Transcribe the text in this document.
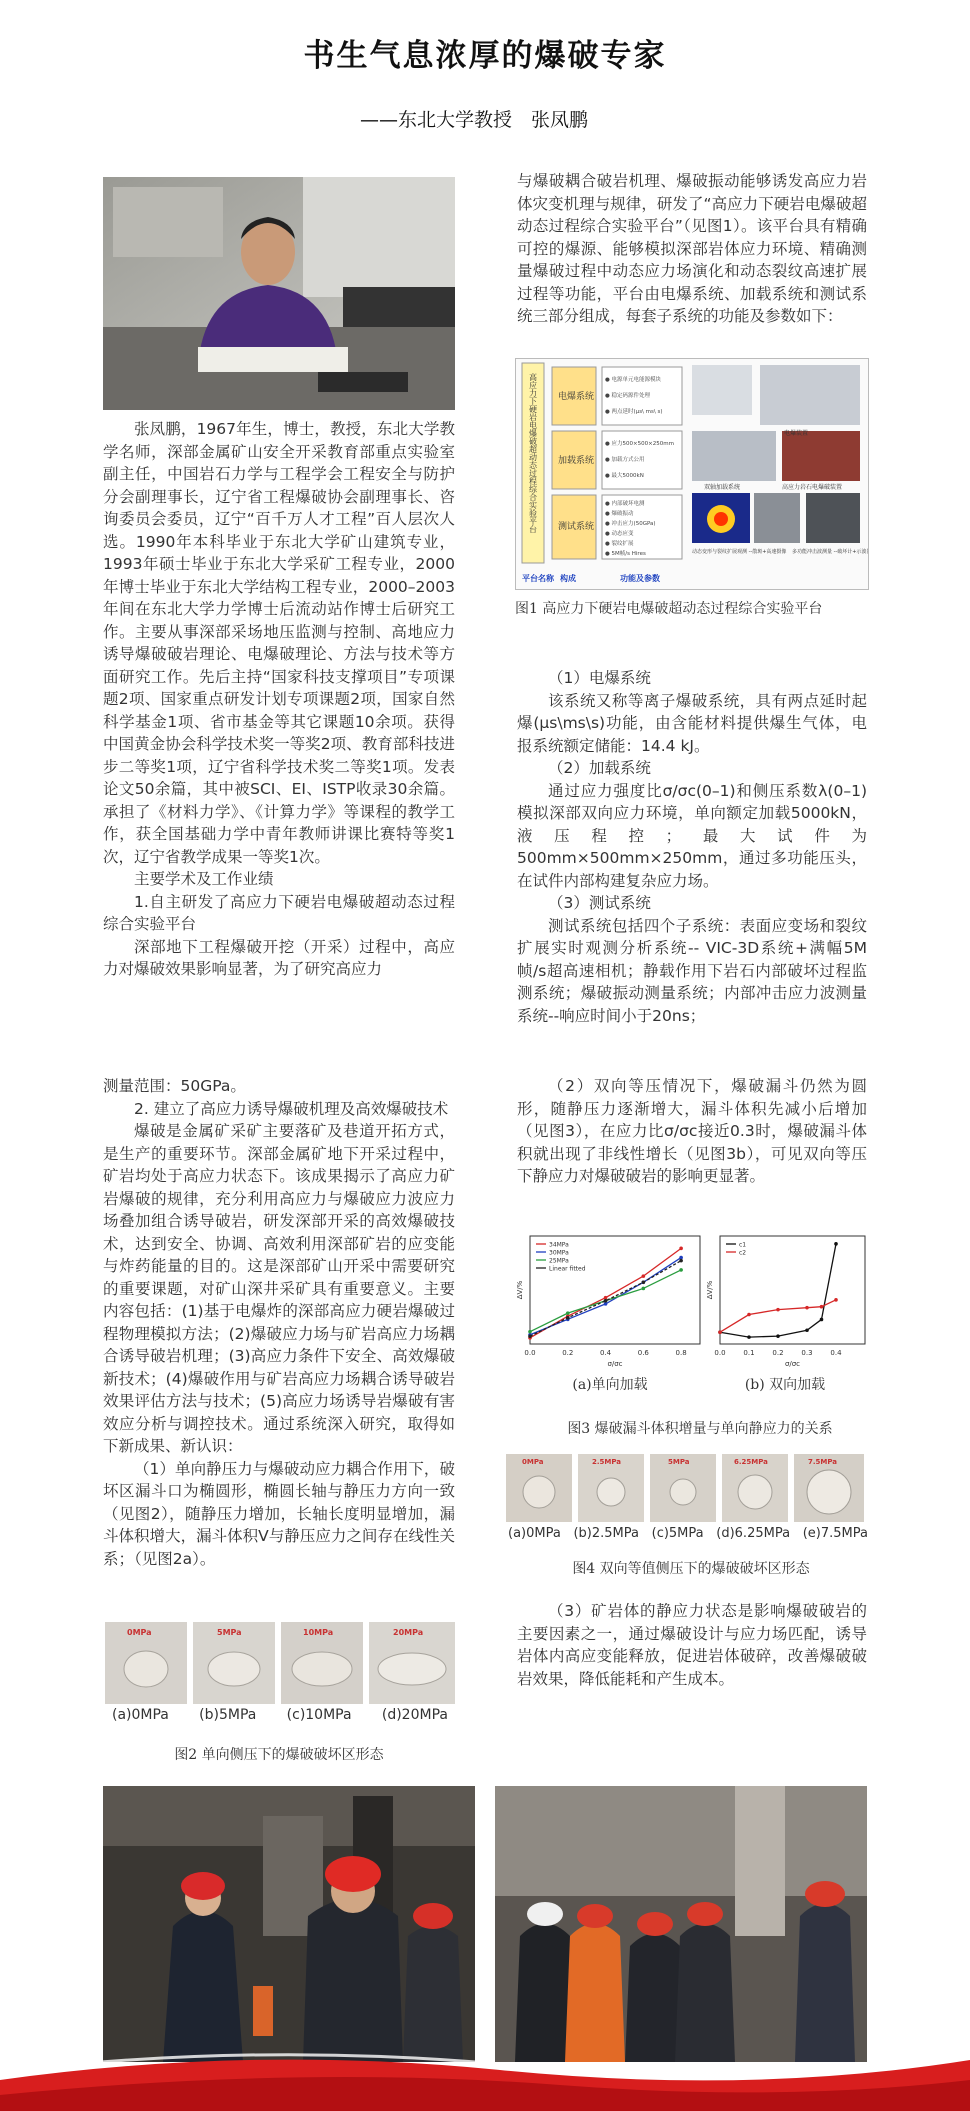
书生气息浓厚的爆破专家
——东北大学教授　张凤鹏

张凤鹏，1967年生，博士，教授，东北大学教学名师，深部金属矿山安全开采教育部重点实验室副主任，中国岩石力学与工程学会工程安全与防护分会副理事长，辽宁省工程爆破协会副理事长、咨询委员会委员，辽宁“百千万人才工程”百人层次人选。1990年本科毕业于东北大学矿山建筑专业，1993年硕士毕业于东北大学采矿工程专业，2000年博士毕业于东北大学结构工程专业，2000–2003年间在东北大学力学博士后流动站作博士后研究工作。主要从事深部采场地压监测与控制、高地应力诱导爆破破岩理论、电爆破理论、方法与技术等方面研究工作。先后主持“国家科技支撑项目”专项课题2项、国家重点研发计划专项课题2项，国家自然科学基金1项、省市基金等其它课题10余项。获得中国黄金协会科学技术奖一等奖2项、教育部科技进步二等奖1项，辽宁省科学技术奖二等奖1项。发表论文50余篇，其中被SCI、EI、ISTP收录30余篇。承担了《材料力学》、《计算力学》等课程的教学工作，获全国基础力学中青年教师讲课比赛特等奖1次，辽宁省教学成果一等奖1次。

主要学术及工作业绩

1.自主研发了高应力下硬岩电爆破超动态过程综合实验平台

深部地下工程爆破开挖（开采）过程中，高应力对爆破效果影响显著，为了研究高应力

与爆破耦合破岩机理、爆破振动能够诱发高应力岩体灾变机理与规律，研发了“高应力下硬岩电爆破超动态过程综合实验平台”（见图1）。该平台具有精确可控的爆源、能够模拟深部岩体应力环境、精确测量爆破过程中动态应力场演化和动态裂纹高速扩展过程等功能，平台由电爆系统、加载系统和测试系统三部分组成，每套子系统的功能及参数如下：

高应力下硬岩电爆破超动态过程综合实验平台 电爆系统
加载系统
测试系统
● 电源单元电能源模块
● 稳定码源件处理
● 两点延时(μs\ ms\ s)
● 应力500×500×250mm
● 加载方式公用
● 最大5000kN
● 内部破坏电测
● 爆破振动
● 冲击应力(50GPa)
● 动态应变
● 裂纹扩展
● 5M帧/s Hires
电爆装置
双轴加载系统	高应力岩石电爆破装置
动态变形与裂纹扩展观测 --散斑+高速摄像 多功能冲击波测量 --破坏计+示波器
平台名称 构成	功能及参数
图1 高应力下硬岩电爆破超动态过程综合实验平台

（1）电爆系统

该系统又称等离子爆破系统，具有两点延时起爆(μs\ms\s)功能，由含能材料提供爆生气体，电报系统额定储能：14.4 kJ。

（2）加载系统

通过应力强度比σ/σc(0–1)和侧压系数λ(0–1)模拟深部双向应力环境，单向额定加载5000kN，液压程控；最大试件为500mm×500mm×250mm，通过多功能压头，在试件内部构建复杂应力场。

（3）测试系统

测试系统包括四个子系统：表面应变场和裂纹扩展实时观测分析系统-- VIC-3D系统+满幅5M帧/s超高速相机；静载作用下岩石内部破坏过程监测系统；爆破振动测量系统；内部冲击应力波测量系统--响应时间小于20ns；

测量范围：50GPa。

2. 建立了高应力诱导爆破机理及高效爆破技术

爆破是金属矿采矿主要落矿及巷道开拓方式，是生产的重要环节。深部金属矿地下开采过程中，矿岩均处于高应力状态下。该成果揭示了高应力矿岩爆破的规律，充分利用高应力与爆破应力波应力场叠加组合诱导破岩，研发深部开采的高效爆破技术，达到安全、协调、高效利用深部矿岩的应变能与炸药能量的目的。这是深部矿山开采中需要研究的重要课题，对矿山深井采矿具有重要意义。主要内容包括：(1)基于电爆炸的深部高应力硬岩爆破过程物理模拟方法；(2)爆破应力场与矿岩高应力场耦合诱导破岩机理；(3)高应力条件下安全、高效爆破新技术；(4)爆破作用与矿岩高应力场耦合诱导破岩效果评估方法与技术；(5)高应力场诱导岩爆破有害效应分析与调控技术。通过系统深入研究，取得如下新成果、新认识：

（1）单向静压力与爆破动应力耦合作用下，破坏区漏斗口为椭圆形，椭圆长轴与静压力方向一致（见图2），随静压力增加，长轴长度明显增加，漏斗体积增大，漏斗体积V与静压应力之间存在线性关系；（见图2a）。

0MPa	5MPa	10MPa	20MPa
(a)0MPa (b)5MPa (c)10MPa (d)20MPa
图2 单向侧压下的爆破破坏区形态

（2）双向等压情况下，爆破漏斗仍然为圆形，随静压力逐渐增大，漏斗体积先减小后增加（见图3），在应力比σ/σc接近0.3时，爆破漏斗体积就出现了非线性增长（见图3b），可见双向等压下静应力对爆破破岩的影响更显著。

0.0	0.2	0.4	0.6	0.8
σ/σc
ΔV/%
34MPa
30MPa
25MPa
Linear fitted
0.0	0.1	0.2	0.3	0.4
σ/σc
ΔV/%
c1
c2
(a)单向加载	(b) 双向加载
图3 爆破漏斗体积增量与单向静应力的关系
0MPa	2.5MPa	5MPa	6.25MPa	7.5MPa
(a)0MPa (b)2.5MPa (c)5MPa (d)6.25MPa (e)7.5MPa
图4 双向等值侧压下的爆破破坏区形态

（3）矿岩体的静应力状态是影响爆破破岩的主要因素之一，通过爆破设计与应力场匹配，诱导岩体内高应变能释放，促进岩体破碎，改善爆破破岩效果，降低能耗和产生成本。
